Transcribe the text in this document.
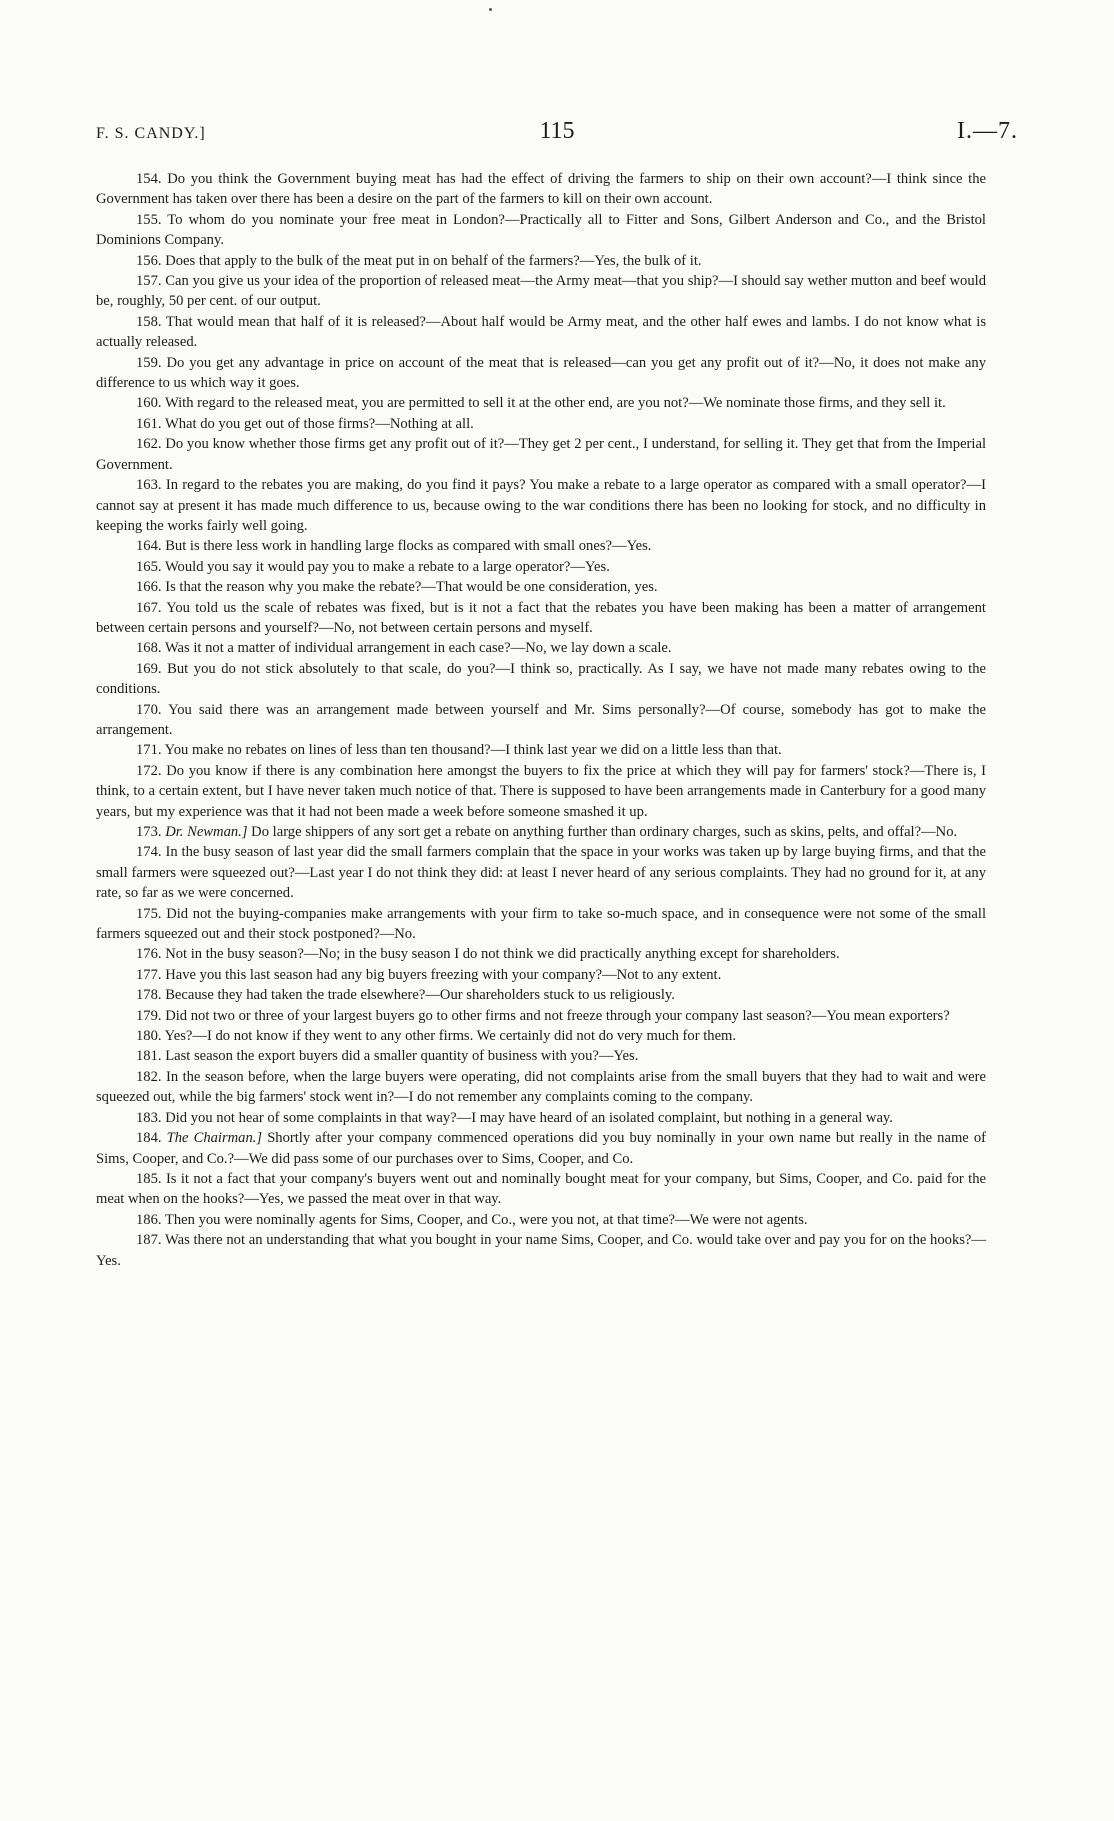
F. S. CANDY.]	115	I.—7.

154. Do you think the Government buying meat has had the effect of driving the farmers to ship on their own account?—I think since the Government has taken over there has been a desire on the part of the farmers to kill on their own account.

155. To whom do you nominate your free meat in London?—Practically all to Fitter and Sons, Gilbert Anderson and Co., and the Bristol Dominions Company.

156. Does that apply to the bulk of the meat put in on behalf of the farmers?—Yes, the bulk of it.

157. Can you give us your idea of the proportion of released meat—the Army meat—that you ship?—I should say wether mutton and beef would be, roughly, 50 per cent. of our output.

158. That would mean that half of it is released?—About half would be Army meat, and the other half ewes and lambs. I do not know what is actually released.

159. Do you get any advantage in price on account of the meat that is released—can you get any profit out of it?—No, it does not make any difference to us which way it goes.

160. With regard to the released meat, you are permitted to sell it at the other end, are you not?—We nominate those firms, and they sell it.

161. What do you get out of those firms?—Nothing at all.

162. Do you know whether those firms get any profit out of it?—They get 2 per cent., I understand, for selling it. They get that from the Imperial Government.

163. In regard to the rebates you are making, do you find it pays? You make a rebate to a large operator as compared with a small operator?—I cannot say at present it has made much difference to us, because owing to the war conditions there has been no looking for stock, and no difficulty in keeping the works fairly well going.

164. But is there less work in handling large flocks as compared with small ones?—Yes.

165. Would you say it would pay you to make a rebate to a large operator?—Yes.

166. Is that the reason why you make the rebate?—That would be one consideration, yes.

167. You told us the scale of rebates was fixed, but is it not a fact that the rebates you have been making has been a matter of arrangement between certain persons and yourself?—No, not between certain persons and myself.

168. Was it not a matter of individual arrangement in each case?—No, we lay down a scale.

169. But you do not stick absolutely to that scale, do you?—I think so, practically. As I say, we have not made many rebates owing to the conditions.

170. You said there was an arrangement made between yourself and Mr. Sims personally?—Of course, somebody has got to make the arrangement.

171. You make no rebates on lines of less than ten thousand?—I think last year we did on a little less than that.

172. Do you know if there is any combination here amongst the buyers to fix the price at which they will pay for farmers' stock?—There is, I think, to a certain extent, but I have never taken much notice of that. There is supposed to have been arrangements made in Canterbury for a good many years, but my experience was that it had not been made a week before someone smashed it up.

173. Dr. Newman.] Do large shippers of any sort get a rebate on anything further than ordinary charges, such as skins, pelts, and offal?—No.

174. In the busy season of last year did the small farmers complain that the space in your works was taken up by large buying firms, and that the small farmers were squeezed out?—Last year I do not think they did: at least I never heard of any serious complaints. They had no ground for it, at any rate, so far as we were concerned.

175. Did not the buying-companies make arrangements with your firm to take so-much space, and in consequence were not some of the small farmers squeezed out and their stock postponed?—No.

176. Not in the busy season?—No; in the busy season I do not think we did practically anything except for shareholders.

177. Have you this last season had any big buyers freezing with your company?—Not to any extent.

178. Because they had taken the trade elsewhere?—Our shareholders stuck to us religiously.

179. Did not two or three of your largest buyers go to other firms and not freeze through your company last season?—You mean exporters?

180. Yes?—I do not know if they went to any other firms. We certainly did not do very much for them.

181. Last season the export buyers did a smaller quantity of business with you?—Yes.

182. In the season before, when the large buyers were operating, did not complaints arise from the small buyers that they had to wait and were squeezed out, while the big farmers' stock went in?—I do not remember any complaints coming to the company.

183. Did you not hear of some complaints in that way?—I may have heard of an isolated complaint, but nothing in a general way.

184. The Chairman.] Shortly after your company commenced operations did you buy nominally in your own name but really in the name of Sims, Cooper, and Co.?—We did pass some of our purchases over to Sims, Cooper, and Co.

185. Is it not a fact that your company's buyers went out and nominally bought meat for your company, but Sims, Cooper, and Co. paid for the meat when on the hooks?—Yes, we passed the meat over in that way.

186. Then you were nominally agents for Sims, Cooper, and Co., were you not, at that time?—We were not agents.

187. Was there not an understanding that what you bought in your name Sims, Cooper, and Co. would take over and pay you for on the hooks?—Yes.
